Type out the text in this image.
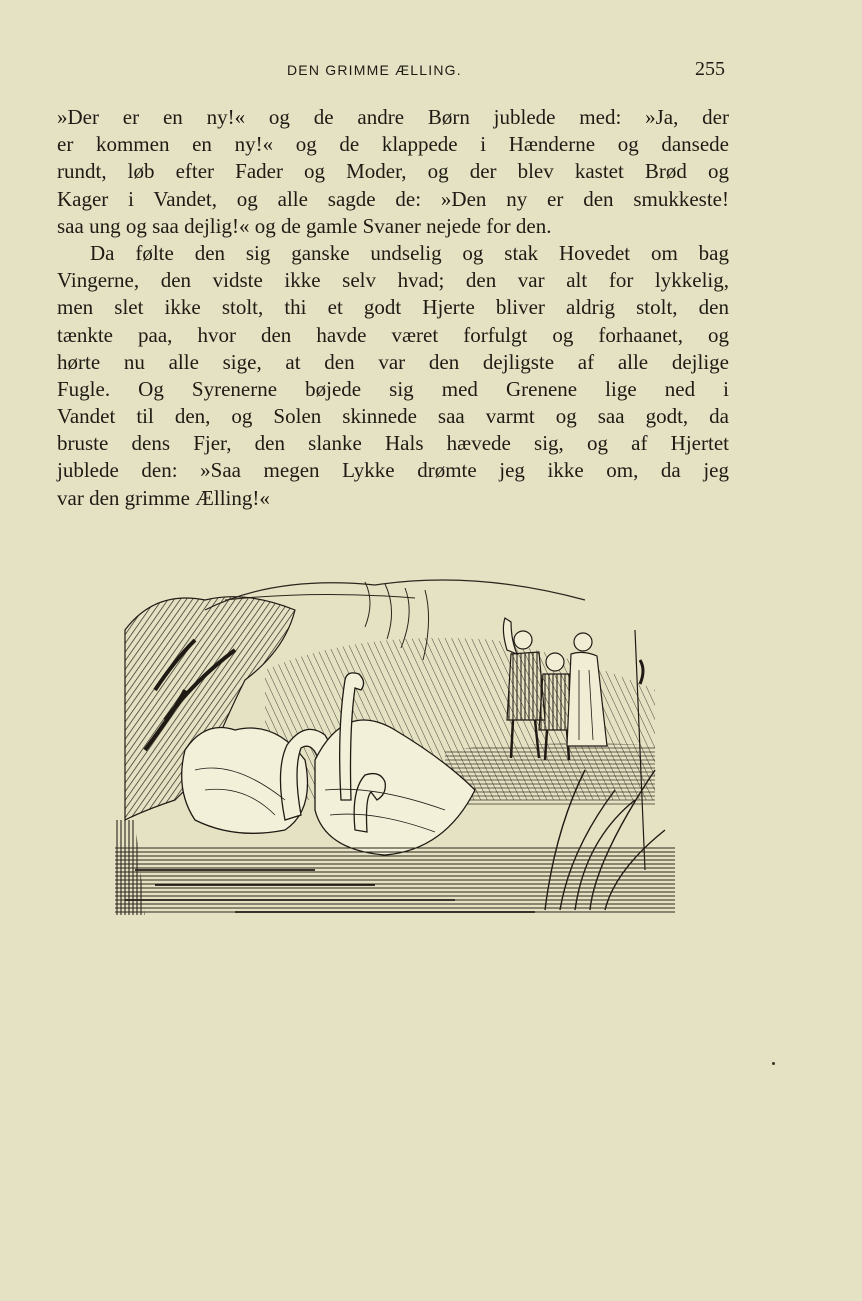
DEN GRIMME ÆLLING.	255
»Der er en ny!« og de andre Børn jublede med: »Ja, der
er kommen en ny!« og de klappede i Hænderne og dansede
rundt, løb efter Fader og Moder, og der blev kastet Brød og
Kager i Vandet, og alle sagde de: »Den ny er den smukkeste!
saa ung og saa dejlig!« og de gamle Svaner nejede for den.
Da følte den sig ganske undselig og stak Hovedet om bag
Vingerne, den vidste ikke selv hvad; den var alt for lykkelig,
men slet ikke stolt, thi et godt Hjerte bliver aldrig stolt, den
tænkte paa, hvor den havde været forfulgt og forhaanet, og
hørte nu alle sige, at den var den dejligste af alle dejlige
Fugle. Og Syrenerne bøjede sig med Grenene lige ned i
Vandet til den, og Solen skinnede saa varmt og saa godt, da
bruste dens Fjer, den slanke Hals hævede sig, og af Hjertet
jublede den: »Saa megen Lykke drømte jeg ikke om, da jeg
var den grimme Ælling!«
